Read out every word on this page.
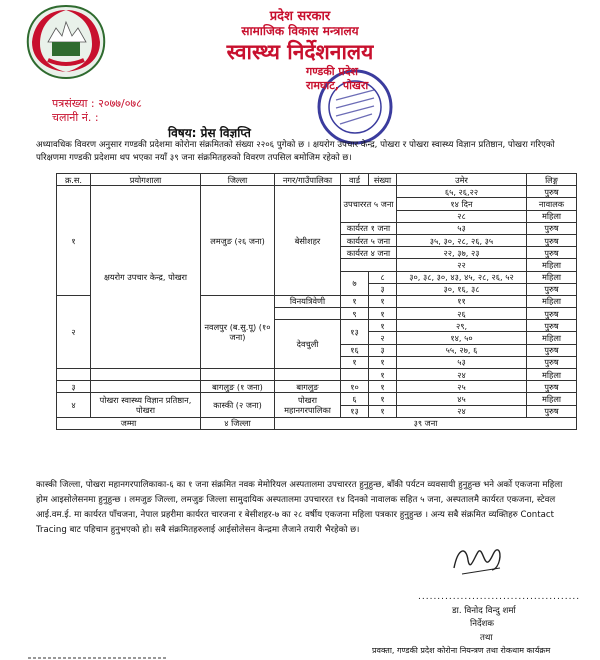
प्रदेश सरकार
सामाजिक विकास मन्त्रालय
स्वास्थ्य निर्देशनालय
गण्डकी प्रदेश
रामघाट, पोखरा
पत्रसंख्या : २०७७/०७८
चलानी नं. :
विषय: प्रेस विज्ञप्ति
अध्यावधिक विवरण अनुसार गण्डकी प्रदेशमा कोरोना संक्रमितको संख्या २२०६ पुगेको छ । क्षयरोग उपचार केन्द्र, पोखरा र पोखरा स्वास्थ्य विज्ञान प्रतिष्ठान, पोखरा गरिएको परिक्षणमा गण्डकी प्रदेशमा थप भएका नयाँ ३९ जना संक्रमितहरुको विवरण तपसिल बमोजिम रहेको छ।
क्र.स.	प्रयोगशाला	जिल्ला	नगर/गाउँपालिका	वार्ड	संख्या	उमेर	लिङ्ग
१	क्षयरोग उपचार केन्द्र, पोखरा	लमजुङ (२६ जना)	बेसीशहर	उपचाररत ५ जना		६५, २६,२२	पुरुष
						१४ दिन	नावालक
						२८	महिला
				कार्यरत १ जना		५३	पुरुष
				कार्यरत ५ जना		३५, ३०, २८, २६, ३५	पुरुष
				कार्यरत ४ जना		२२, ३७, २३	पुरुष
						२२	महिला
				७	८	३०, ३८, ३०, ४३, ४५, २८, २६, ५२	महिला
					३	३०, १६, ३८	पुरुष
२		नवलपुर (ब.सु.पू) (१० जना)	विनयत्रिवेणी	१	१	११	महिला
				९	१	२६	पुरुष
			देवचुली	१३	१	२९,	पुरुष
					२	१४, ५०	महिला
				१६	३	५५, २७, ६	पुरुष
				१	१	५३	पुरुष
					१	२४	महिला
३		बागलुङ (१ जना)	बागलुङ	१०	१	२५	पुरुष
४	पोखरा स्वास्थ्य विज्ञान प्रतिष्ठान, पोखरा	कास्की (२ जना)	पोखरा महानगरपालिका	६	१	४५	महिला
				१३	१	२४	पुरुष
जम्मा		४ जिल्ला	३९ जना				
कास्की जिल्ला, पोखरा महानगरपालिकाका-६ का १ जना संक्रमित नवक मेमोरियल अस्पतालमा उपचाररत हुनुहुन्छ, बाँकी पर्यटन व्यवसायी हुनुहुन्छ भने अर्को एकजना महिला होम आइसोलेसनमा हुनुहुन्छ । लमजुङ जिल्ला, लमजुङ जिल्ला सामुदायिक अस्पतालमा उपचाररत १४ दिनको नावालक सहित ५ जना, अस्पतालमै कार्यरत एकजना, स्टेवल आई.वम.ई. मा कार्यरत पाँचजना, नेपाल प्रहरीमा कार्यरत चारजना र बेसीशहर-७ का २८ वर्षीय एकजना महिला पत्रकार हुनुहुन्छ । अन्य सबै संक्रमित व्यक्तिहरु Contact Tracing बाट पहिचान हुनुभएको हो। सबै संक्रमितहरुलाई आईसोलेसन केन्द्रमा लैजाने तयारी भैरहेको छ।
..........................................
डा. विनोद विन्दु शर्मा
निर्देशक
तथा
प्रवक्ता, गण्डकी प्रदेश कोरोना नियन्त्रण तथा रोकथाम कार्यक्रम
